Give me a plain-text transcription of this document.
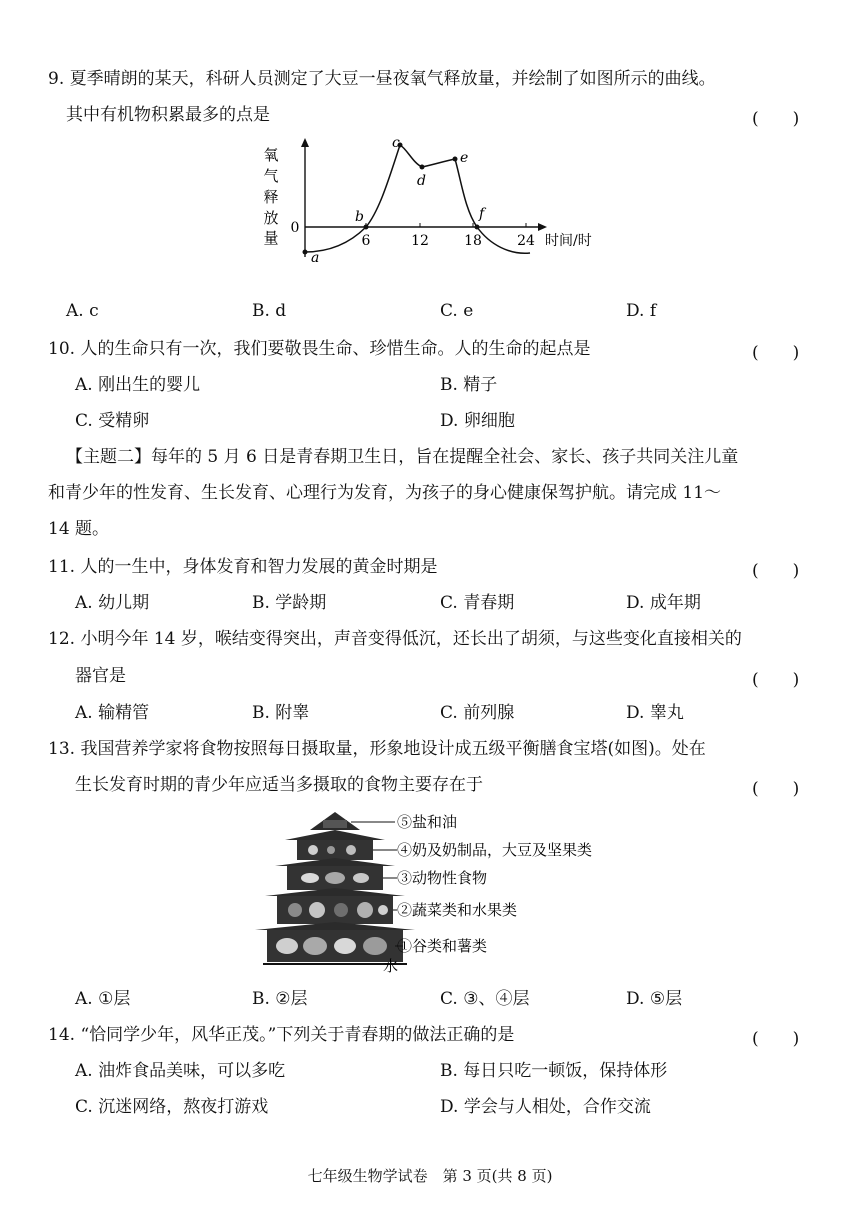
9. 夏季晴朗的某天，科研人员测定了大豆一昼夜氧气释放量，并绘制了如图所示的曲线。
其中有机物积累最多的点是	(　　)
氧
气
释
放
量
0
6	12	18	24 时间/时
a
b
c
d
e
f
A. c	B. d	C. e	D. f
10. 人的生命只有一次，我们要敬畏生命、珍惜生命。人的生命的起点是	(　　)
A. 刚出生的婴儿	B. 精子
C. 受精卵	D. 卵细胞
【主题二】每年的 5 月 6 日是青春期卫生日，旨在提醒全社会、家长、孩子共同关注儿童
和青少年的性发育、生长发育、心理行为发育，为孩子的身心健康保驾护航。请完成 11～
14 题。
11. 人的一生中，身体发育和智力发展的黄金时期是	(　　)
A. 幼儿期	B. 学龄期	C. 青春期	D. 成年期
12. 小明今年 14 岁，喉结变得突出，声音变得低沉，还长出了胡须，与这些变化直接相关的
器官是	(　　)
A. 输精管	B. 附睾	C. 前列腺	D. 睾丸
13. 我国营养学家将食物按照每日摄取量，形象地设计成五级平衡膳食宝塔(如图)。处在
生长发育时期的青少年应适当多摄取的食物主要存在于	(　　)
⑤盐和油
④奶及奶制品，大豆及坚果类
③动物性食物
②蔬菜类和水果类
①谷类和薯类
水
A. ①层	B. ②层	C. ③、④层	D. ⑤层
14. “恰同学少年，风华正茂。”下列关于青春期的做法正确的是	(　　)
A. 油炸食品美味，可以多吃	B. 每日只吃一顿饭，保持体形
C. 沉迷网络，熬夜打游戏	D. 学会与人相处，合作交流
七年级生物学试卷　第 3 页(共 8 页)
